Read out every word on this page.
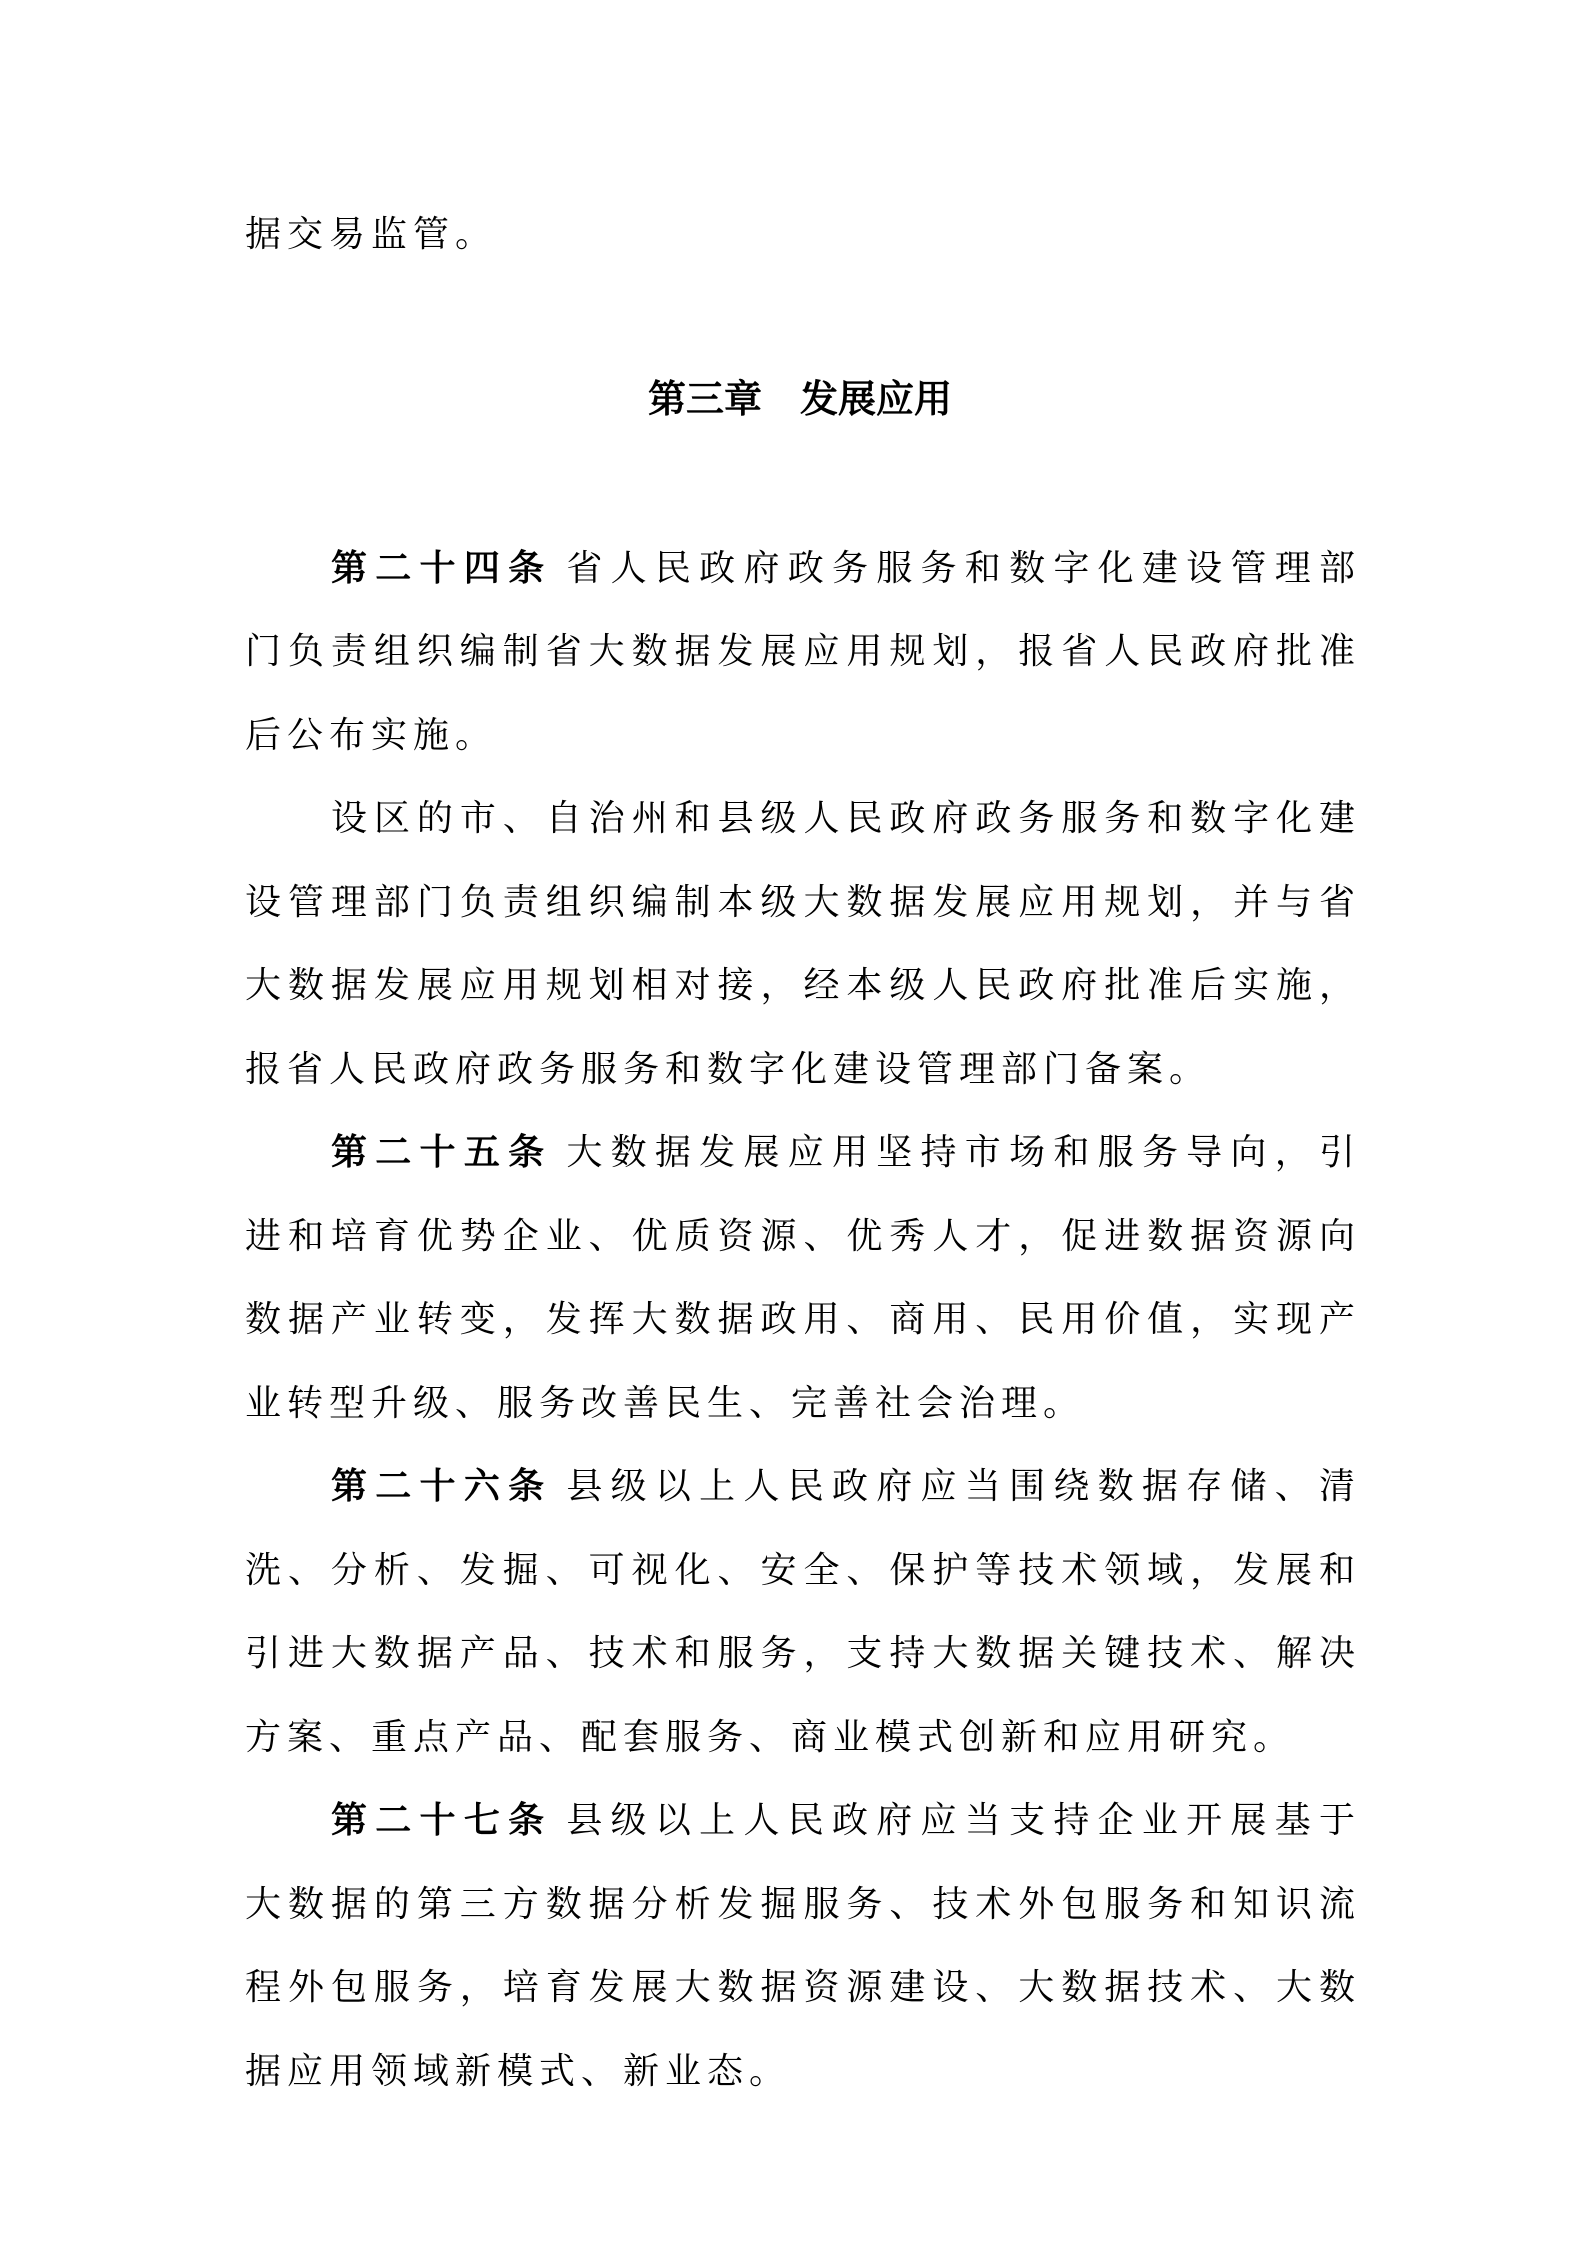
据交易监管。
第三章 发展应用
第二十四条 省人民政府政务服务和数字化建设管理部
门负责组织编制省大数据发展应用规划，报省人民政府批准
后公布实施。
设区的市、自治州和县级人民政府政务服务和数字化建
设管理部门负责组织编制本级大数据发展应用规划，并与省
大数据发展应用规划相对接，经本级人民政府批准后实施，
报省人民政府政务服务和数字化建设管理部门备案。
第二十五条 大数据发展应用坚持市场和服务导向，引
进和培育优势企业、优质资源、优秀人才，促进数据资源向
数据产业转变，发挥大数据政用、商用、民用价值，实现产
业转型升级、服务改善民生、完善社会治理。
第二十六条 县级以上人民政府应当围绕数据存储、清
洗、分析、发掘、可视化、安全、保护等技术领域，发展和
引进大数据产品、技术和服务，支持大数据关键技术、解决
方案、重点产品、配套服务、商业模式创新和应用研究。
第二十七条 县级以上人民政府应当支持企业开展基于
大数据的第三方数据分析发掘服务、技术外包服务和知识流
程外包服务，培育发展大数据资源建设、大数据技术、大数
据应用领域新模式、新业态。
